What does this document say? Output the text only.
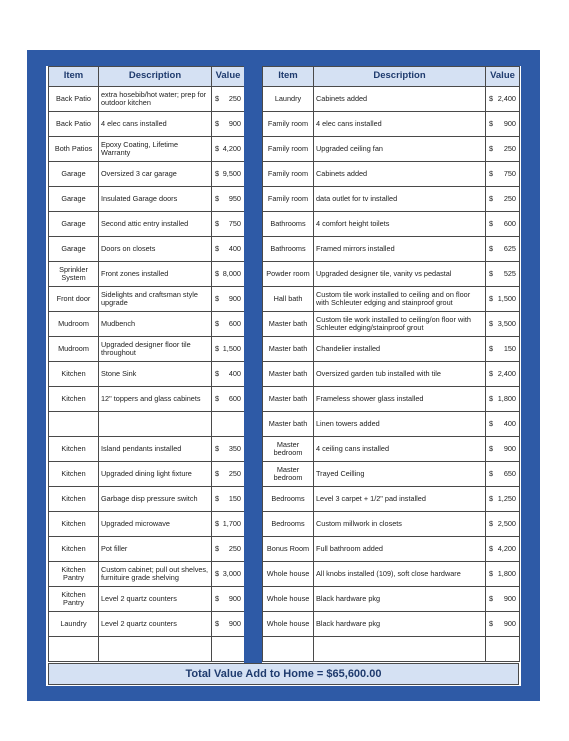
Item	Description	Value
Back Patio	extra hosebib/hot water; prep for outdoor kitchen	$ 250

Back Patio	4 elec cans installed	$ 900

Both Patios	Epoxy Coating, Lifetime Warranty	$ 4,200

Garage	Oversized 3 car garage	$ 9,500

Garage	Insulated Garage doors	$ 950

Garage	Second attic entry installed	$ 750

Garage	Doors on closets	$ 400

Sprinkler System	Front zones installed	$ 8,000

Front door	Sidelights and craftsman style upgrade	$ 900

Mudroom	Mudbench	$ 600

Mudroom	Upgraded designer floor tile throughout	$ 1,500

Kitchen	Stone Sink	$ 400

Kitchen	12" toppers and glass cabinets	$ 600

Kitchen	Island pendants installed	$ 350

Kitchen	Upgraded dining light fixture	$ 250

Kitchen	Garbage disp pressure switch	$ 150

Kitchen	Upgraded microwave	$ 1,700

Kitchen	Pot filler	$ 250

Kitchen Pantry	Custom cabinet; pull out shelves, furnituire grade shelving	$ 3,000

Kitchen Pantry	Level 2 quartz counters	$ 900

Laundry	Level 2 quartz counters	$ 900

Item	Description	Value
Laundry	Cabinets added	$ 2,400

Family room	4 elec cans installed	$ 900

Family room	Upgraded ceiling fan	$ 250

Family room	Cabinets added	$ 750

Family room	data outlet for tv installed	$ 250

Bathrooms	4 comfort height toilets	$ 600

Bathrooms	Framed mirrors installed	$ 625

Powder room	Upgraded designer tile, vanity vs pedastal	$ 525

Hall bath	Custom tile work installed to ceiling and on floor with Schleuter edging and stainproof grout	$ 1,500

Master bath	Custom tile work installed to ceiling/on floor with Schleuter edging/stainproof grout	$ 3,500

Master bath	Chandelier installed	$ 150

Master bath	Oversized garden tub installed with tile	$ 2,400

Master bath	Frameless shower glass installed	$ 1,800

Master bath	Linen towers added	$ 400

Master bedroom	4 ceiling cans installed	$ 900

Master bedroom	Trayed Ceilling	$ 650

Bedrooms	Level 3 carpet + 1/2" pad installed	$ 1,250

Bedrooms	Custom millwork in closets	$ 2,500

Bonus Room	Full bathroom added	$ 4,200

Whole house	All knobs installed (109), soft close hardware	$ 1,800

Whole house	Black hardware pkg	$ 900

Whole house	Black hardware pkg	$ 900

Total Value Add to Home = $65,600.00
